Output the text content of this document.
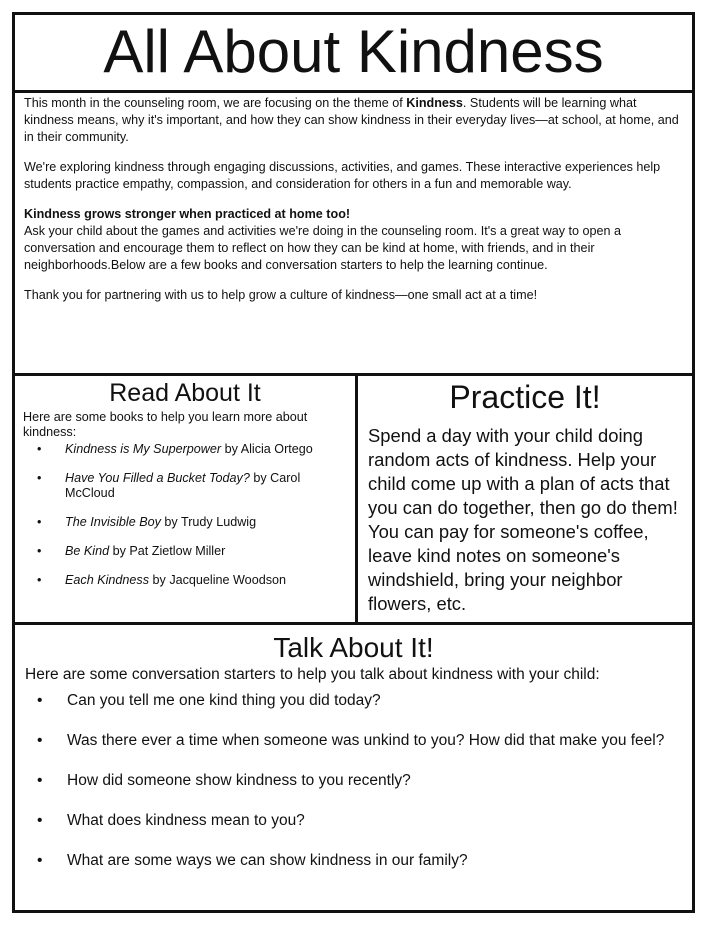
All About Kindness

This month in the counseling room, we are focusing on the theme of Kindness. Students will be learning what kindness means, why it's important, and how they can show kindness in their everyday lives—at school, at home, and in their community.

We're exploring kindness through engaging discussions, activities, and games. These interactive experiences help students practice empathy, compassion, and consideration for others in a fun and memorable way.

Kindness grows stronger when practiced at home too!
Ask your child about the games and activities we're doing in the counseling room. It's a great way to open a conversation and encourage them to reflect on how they can be kind at home, with friends, and in their neighborhoods.Below are a few books and conversation starters to help the learning continue.

Thank you for partnering with us to help grow a culture of kindness—one small act at a time!

Read About It
Here are some books to help you learn more about kindness:
• Kindness is My Superpower by Alicia Ortego
• Have You Filled a Bucket Today? by Carol McCloud
• The Invisible Boy by Trudy Ludwig
• Be Kind by Pat Zietlow Miller
• Each Kindness by Jacqueline Woodson
Practice It!
Spend a day with your child doing random acts of kindness. Help your child come up with a plan of acts that you can do together, then go do them! You can pay for someone's coffee, leave kind notes on someone's windshield, bring your neighbor flowers, etc.
Talk About It!
Here are some conversation starters to help you talk about kindness with your child:
• Can you tell me one kind thing you did today?
• Was there ever a time when someone was unkind to you? How did that make you feel?
• How did someone show kindness to you recently?
• What does kindness mean to you?
• What are some ways we can show kindness in our family?
